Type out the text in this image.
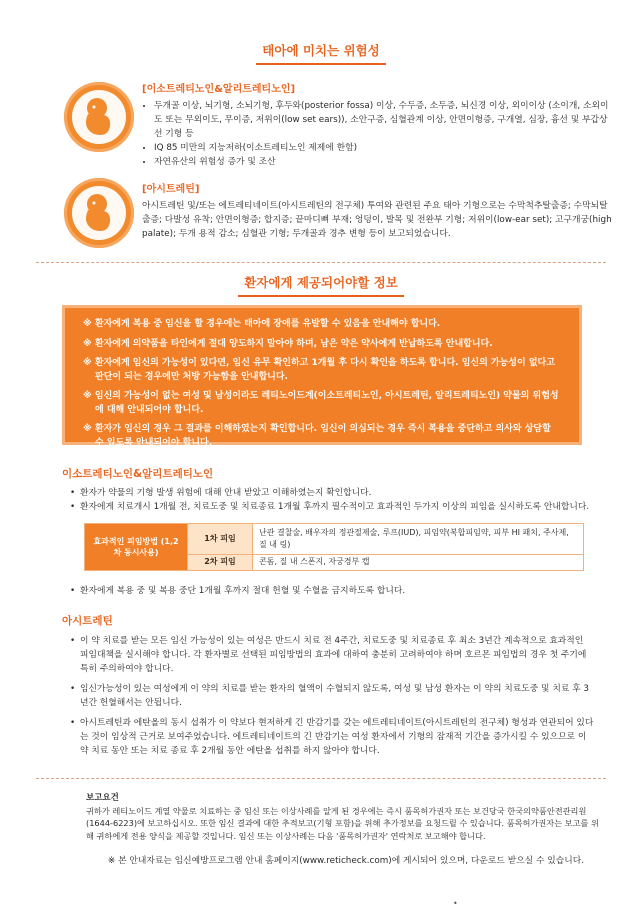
태아에 미치는 위험성
[이소트레티노인&알리트레티노인]
• 두개골 이상, 뇌기형, 소뇌기형, 후두와(posterior fossa) 이상, 수두증, 소두증, 뇌신경 이상, 외이이상 (소이개, 소외이도 또는 무외이도, 무이증, 저위이(low set ears)), 소안구증, 심혈관계 이상, 안면이형증, 구개열, 심장, 흉선 및 부갑상선 기형 등
• IQ 85 미만의 지능저하(이소트레티노인 제제에 한함)
• 자연유산의 위험성 증가 및 조산
[아시트레틴]
아시트레틴 및/또는 에트레티네이트(아시트레틴의 전구체) 투여와 관련된 주요 태아 기형으로는 수막척추탈출증; 수막뇌탈출증; 다발성 유착; 안면이형증; 합지증; 끝마디뼈 부재; 엉덩이, 발목 및 전완부 기형; 저위이(low-ear set); 고구개궁(high palate); 두개 용적 감소; 심혈관 기형; 두개골과 경추 변형 등이 보고되었습니다.
환자에게 제공되어야할 정보

※ 환자에게 복용 중 임신을 할 경우에는 태아에 장애를 유발할 수 있음을 안내해야 합니다.

※ 환자에게 의약품을 타인에게 절대 양도하지 말아야 하며, 남은 약은 약사에게 반납하도록 안내합니다.

※ 환자에게 임신의 가능성이 있다면, 임신 유무 확인하고 1개월 후 다시 확인을 하도록 합니다. 임신의 가능성이 없다고 판단이 되는 경우에만 처방 가능함을 안내합니다.

※ 임신의 가능성이 없는 여성 및 남성이라도 레티노이드계(이소트레티노인, 아시트레틴, 알리트레티노인) 약물의 위험성에 대해 안내되어야 합니다.

※ 환자가 임신의 경우 그 결과를 이해하였는지 확인합니다. 임신이 의심되는 경우 즉시 복용을 중단하고 의사와 상담할 수 있도록 안내되어야 합니다.

이소트레티노인&알리트레티노인
• 환자가 약물의 기형 발생 위험에 대해 안내 받았고 이해하였는지 확인합니다.
• 환자에게 치료개시 1개월 전, 치료도중 및 치료종료 1개월 후까지 필수적이고 효과적인 두가지 이상의 피임을 실시하도록 안내합니다.
효과적인 피임방법 (1,2차 동시사용)	1차 피임	난관 결찰술, 배우자의 정관절제술, 루프(IUD), 피임약(복합피임약, 피부 HI 패치, 주사제, 질 내 링)
	2차 피임	콘돔, 질 내 스폰지, 자궁경부 캡
• 환자에게 복용 중 및 복용 중단 1개월 후까지 절대 헌혈 및 수혈을 금지하도록 합니다.
아시트레틴
• 이 약 치료를 받는 모든 임신 가능성이 있는 여성은 반드시 치료 전 4주간, 치료도중 및 치료종료 후 최소 3년간 계속적으로 효과적인 피임대책을 실시해야 합니다. 각 환자별로 선택된 피임방법의 효과에 대하여 충분히 고려하여야 하며 호르몬 피임법의 경우 첫 주기에 특히 주의하여야 합니다.
• 임신가능성이 있는 여성에게 이 약의 치료를 받는 환자의 혈액이 수혈되지 않도록, 여성 및 남성 환자는 이 약의 치료도중 및 치료 후 3년간 헌혈해서는 안됩니다.
• 아시트레틴과 에탄올의 동시 섭취가 이 약보다 현저하게 긴 반감기를 갖는 에트레티네이트(아시트레틴의 전구체) 형성과 연관되어 있다는 것이 임상적 근거로 보여주었습니다. 에트레티네이트의 긴 반감기는 여성 환자에서 기형의 잠재적 기간을 증가시킬 수 있으므로 이 약 치료 동안 또는 치료 종료 후 2개월 동안 에탄올 섭취를 하지 않아야 합니다.
보고요건
귀하가 레티노이드 계열 약물로 치료하는 중 임신 또는 이상사례를 알게 된 경우에는 즉시 품목허가권자 또는 보건당국 한국의약품안전관리원(1644-6223)에 보고하십시오. 또한 임신 결과에 대한 추적보고(기형 포함)을 위해 추가정보를 요청드릴 수 있습니다. 품목허가권자는 보고를 위해 귀하에게 전용 양식을 제공할 것입니다. 임신 또는 이상사례는 다음 '품목허가권자' 연락처로 보고해야 합니다.
※ 본 안내자료는 임신예방프로그램 안내 홈페이지(www.reticheck.com)에 게시되어 있으며, 다운로드 받으실 수 있습니다.
•
